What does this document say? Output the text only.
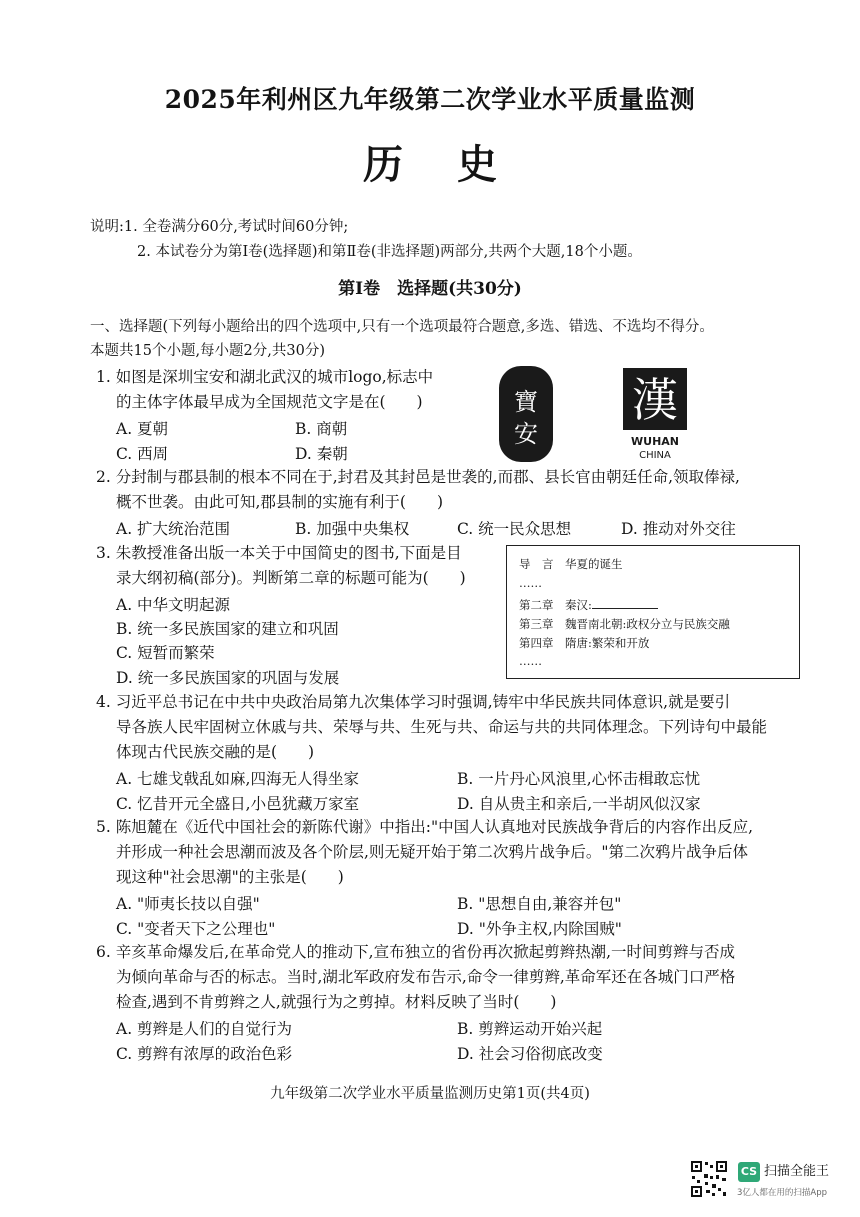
2025年利州区九年级第二次学业水平质量监测
历史
说明:1. 全卷满分60分,考试时间60分钟;
2. 本试卷分为第Ⅰ卷(选择题)和第Ⅱ卷(非选择题)两部分,共两个大题,18个小题。
第Ⅰ卷　选择题(共30分)
一、选择题(下列每小题给出的四个选项中,只有一个选项最符合题意,多选、错选、不选均不得分。
本题共15个小题,每小题2分,共30分)
1. 如图是深圳宝安和湖北武汉的城市logo,标志中
的主体字体最早成为全国规范文字是在(　　)
A. 夏朝	B. 商朝
C. 西周	D. 秦朝
寶
安
漢
WUHAN
CHINA
2. 分封制与郡县制的根本不同在于,封君及其封邑是世袭的,而郡、县长官由朝廷任命,领取俸禄,
概不世袭。由此可知,郡县制的实施有利于(　　)
A. 扩大统治范围	B. 加强中央集权	C. 统一民众思想	D. 推动对外交往
3. 朱教授准备出版一本关于中国简史的图书,下面是目
录大纲初稿(部分)。判断第二章的标题可能为(　　)
A. 中华文明起源
B. 统一多民族国家的建立和巩固
C. 短暂而繁荣
D. 统一多民族国家的巩固与发展
导　言　华夏的诞生
……
第二章　秦汉:
第三章　魏晋南北朝:政权分立与民族交融
第四章　隋唐:繁荣和开放
……
4. 习近平总书记在中共中央政治局第九次集体学习时强调,铸牢中华民族共同体意识,就是要引
导各族人民牢固树立休戚与共、荣辱与共、生死与共、命运与共的共同体理念。下列诗句中最能
体现古代民族交融的是(　　)
A. 七雄戈戟乱如麻,四海无人得坐家	B. 一片丹心风浪里,心怀击楫敢忘忧
C. 忆昔开元全盛日,小邑犹藏万家室	D. 自从贵主和亲后,一半胡风似汉家
5. 陈旭麓在《近代中国社会的新陈代谢》中指出:"中国人认真地对民族战争背后的内容作出反应,
并形成一种社会思潮而波及各个阶层,则无疑开始于第二次鸦片战争后。"第二次鸦片战争后体
现这种"社会思潮"的主张是(　　)
A. "师夷长技以自强"	B. "思想自由,兼容并包"
C. "变者天下之公理也"	D. "外争主权,内除国贼"
6. 辛亥革命爆发后,在革命党人的推动下,宣布独立的省份再次掀起剪辫热潮,一时间剪辫与否成
为倾向革命与否的标志。当时,湖北军政府发布告示,命令一律剪辫,革命军还在各城门口严格
检查,遇到不肯剪辫之人,就强行为之剪掉。材料反映了当时(　　)
A. 剪辫是人们的自觉行为	B. 剪辫运动开始兴起
C. 剪辫有浓厚的政治色彩	D. 社会习俗彻底改变
九年级第二次学业水平质量监测历史第1页(共4页)
CS 扫描全能王
3亿人都在用的扫描App
